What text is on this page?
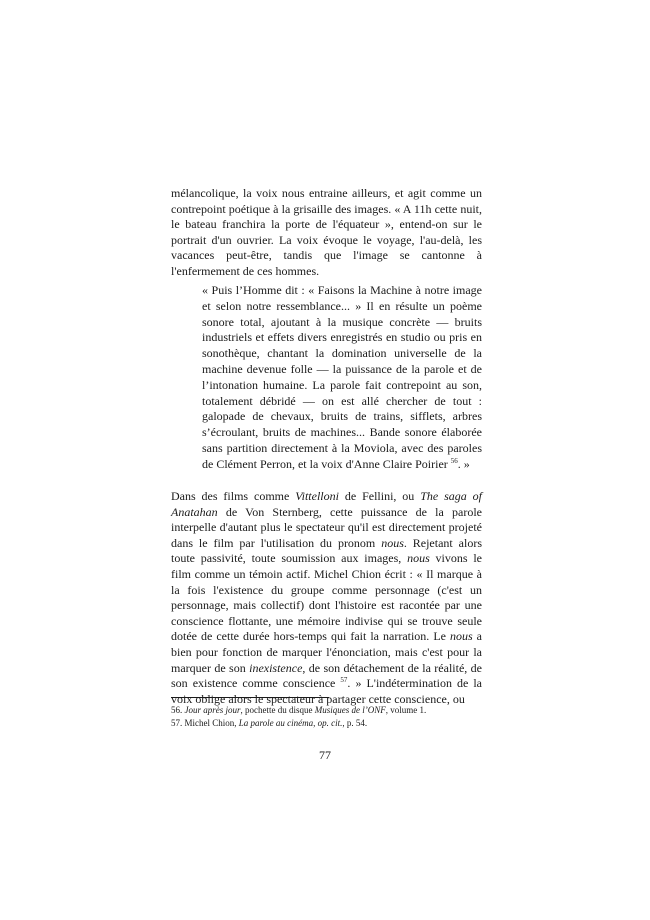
mélancolique, la voix nous entraine ailleurs, et agit comme un contrepoint poétique à la grisaille des images. « A 11h cette nuit, le bateau franchira la porte de l'équateur », entend-on sur le portrait d'un ouvrier. La voix évoque le voyage, l'au-delà, les vacances peut-être, tandis que l'image se cantonne à l'enfermement de ces hommes.

« Puis l’Homme dit : « Faisons la Machine à notre image et selon notre ressemblance... » Il en résulte un poème sonore total, ajoutant à la musique concrète — bruits industriels et effets divers enregistrés en studio ou pris en sonothèque, chantant la domination universelle de la machine devenue folle — la puissance de la parole et de l’intonation humaine. La parole fait contrepoint au son, totalement débridé — on est allé chercher de tout : galopade de chevaux, bruits de trains, sifflets, arbres s’écroulant, bruits de machines... Bande sonore élaborée sans partition directement à la Moviola, avec des paroles de Clément Perron, et la voix d'Anne Claire Poirier $^{56}$. »

Dans des films comme Vittelloni de Fellini, ou The saga of Anatahan de Von Sternberg, cette puissance de la parole interpelle d'autant plus le spectateur qu'il est directement projeté dans le film par l'utilisation du pronom nous. Rejetant alors toute passivité, toute soumission aux images, nous vivons le film comme un témoin actif. Michel Chion écrit : « Il marque à la fois l'existence du groupe comme personnage (c'est un personnage, mais collectif) dont l'histoire est racontée par une conscience flottante, une mémoire indivise qui se trouve seule dotée de cette durée hors-temps qui fait la narration. Le nous a bien pour fonction de marquer l'énonciation, mais c'est pour la marquer de son inexistence, de son détachement de la réalité, de son existence comme conscience $^{57}$. » L'indétermination de la voix oblige alors le spectateur à partager cette conscience, ou

56. Jour après jour, pochette du disque Musiques de l’ONF, volume 1.
57. Michel Chion, La parole au cinéma, op. cit., p. 54.
77
